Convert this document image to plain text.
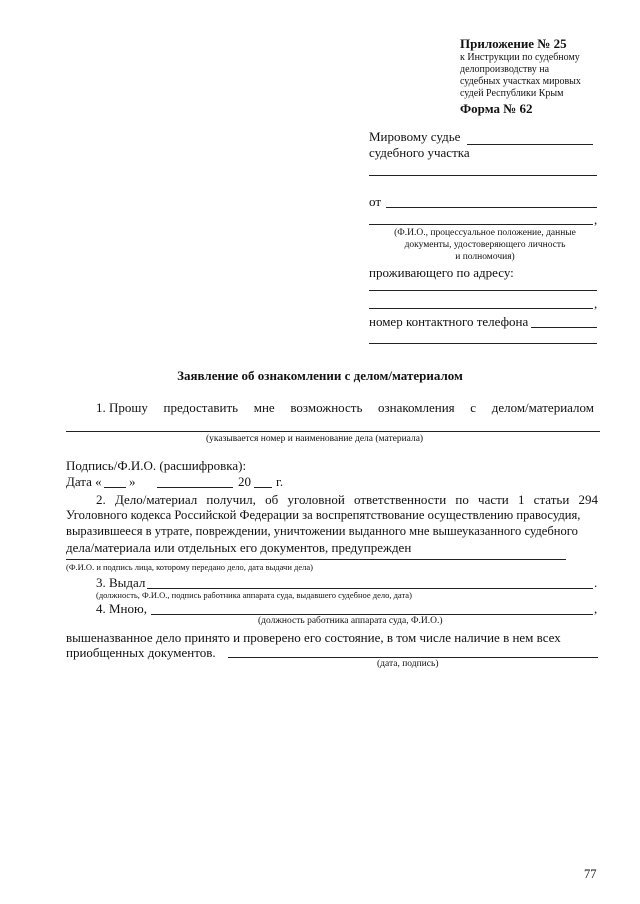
Приложение № 25
к Инструкции по судебному
делопроизводству на
судебных участках мировых
судей Республики Крым
Форма № 62
Мировому судье
судебного участка
от
,
(Ф.И.О., процессуальное положение, данные
документы, удостоверяющего личность
и полномочия)
проживающего по адресу:
,
номер контактного телефона
Заявление об ознакомлении с делом/материалом
1. Прошу предоставить мне возможность ознакомления с делом/материалом
(указывается номер и наименование дела (материала)
Подпись/Ф.И.О. (расшифровка):
Дата « »	20 г.
2. Дело/материал получил, об уголовной ответственности по части 1 статьи 294
Уголовного кодекса Российской Федерации за воспрепятствование осуществлению правосудия,
выразившееся в утрате, повреждении, уничтожении выданного мне вышеуказанного судебного
дела/материала или отдельных его документов, предупрежден
(Ф.И.О. и подпись лица, которому передано дело, дата выдачи дела)
3. Выдал	.
(должность, Ф.И.О., подпись работника аппарата суда, выдавшего судебное дело, дата)
4. Мною,	,
(должность работника аппарата суда, Ф.И.О.)
вышеназванное дело принято и проверено его состояние, в том числе наличие в нем всех
приобщенных документов.
(дата, подпись)
77
